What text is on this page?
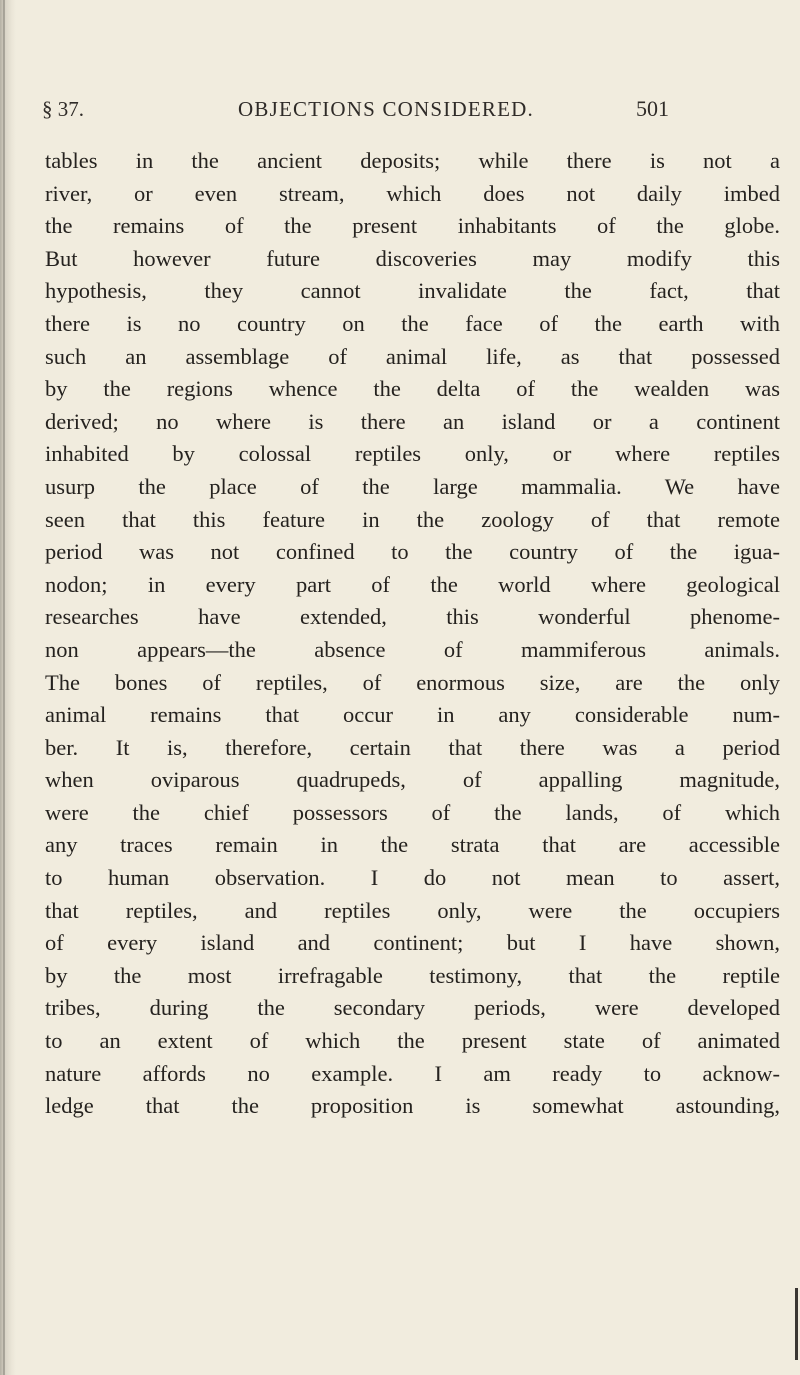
§ 37.	OBJECTIONS CONSIDERED.	501
tables in the ancient deposits; while there is not a
river, or even stream, which does not daily imbed
the remains of the present inhabitants of the globe.
But however future discoveries may modify this
hypothesis, they cannot invalidate the fact, that
there is no country on the face of the earth with
such an assemblage of animal life, as that possessed
by the regions whence the delta of the wealden was
derived; no where is there an island or a continent
inhabited by colossal reptiles only, or where reptiles
usurp the place of the large mammalia. We have
seen that this feature in the zoology of that remote
period was not confined to the country of the igua-
nodon; in every part of the world where geological
researches have extended, this wonderful phenome-
non appears—the absence of mammiferous animals.
The bones of reptiles, of enormous size, are the only
animal remains that occur in any considerable num-
ber. It is, therefore, certain that there was a period
when oviparous quadrupeds, of appalling magnitude,
were the chief possessors of the lands, of which
any traces remain in the strata that are accessible
to human observation. I do not mean to assert,
that reptiles, and reptiles only, were the occupiers
of every island and continent; but I have shown,
by the most irrefragable testimony, that the reptile
tribes, during the secondary periods, were developed
to an extent of which the present state of animated
nature affords no example. I am ready to acknow-
ledge that the proposition is somewhat astounding,
